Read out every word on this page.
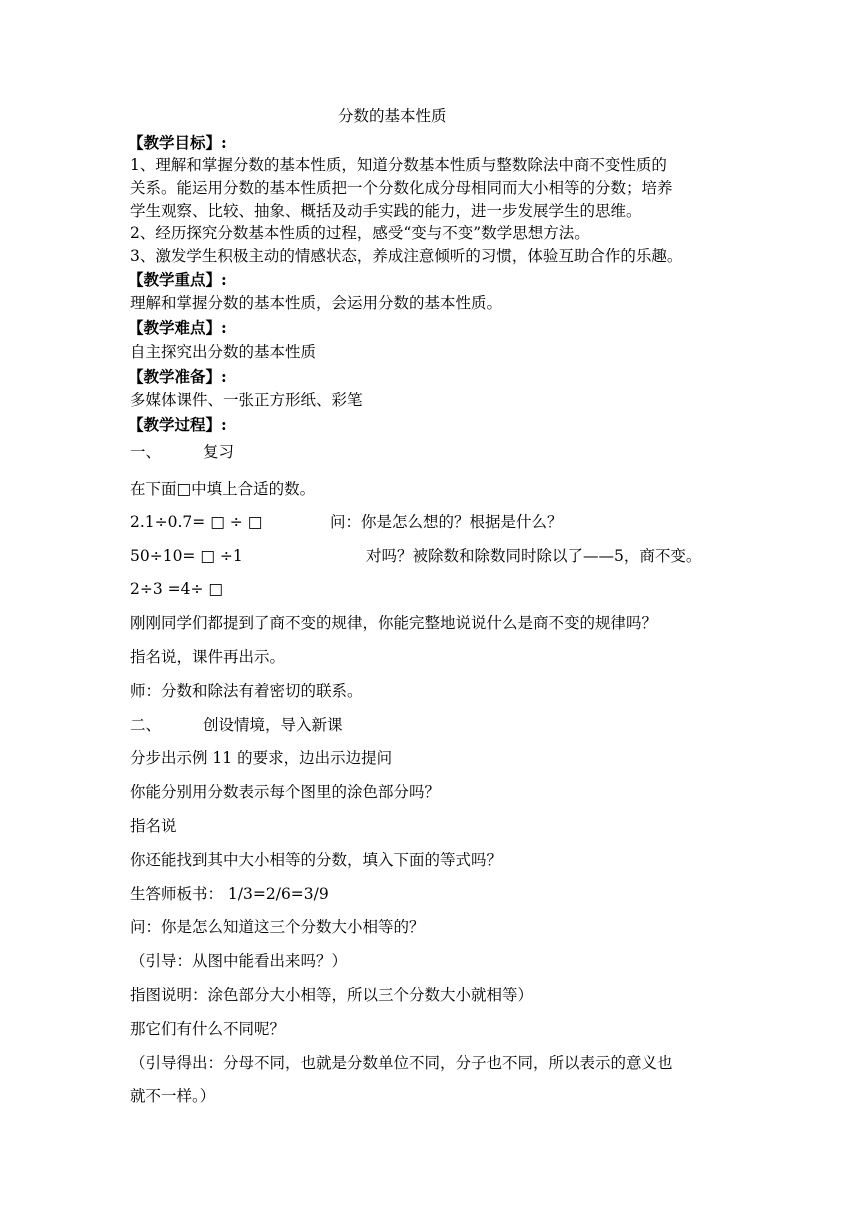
分数的基本性质
【教学目标】:
1、理解和掌握分数的基本性质，知道分数基本性质与整数除法中商不变性质的
关系。能运用分数的基本性质把一个分数化成分母相同而大小相等的分数；培养
学生观察、比较、抽象、概括及动手实践的能力，进一步发展学生的思维。
2、经历探究分数基本性质的过程，感受“变与不变”数学思想方法。
3、激发学生积极主动的情感状态，养成注意倾听的习惯，体验互助合作的乐趣。
【教学重点】:
理解和掌握分数的基本性质，会运用分数的基本性质。
【教学难点】:
自主探究出分数的基本性质
【教学准备】:
多媒体课件、一张正方形纸、彩笔
【教学过程】:
一、	复习
在下面□中填上合适的数。
2.1÷0.7= □ ÷ □	问：你是怎么想的？根据是什么？
50÷10= □ ÷1	对吗？被除数和除数同时除以了——5，商不变。
2÷3 =4÷ □
刚刚同学们都提到了商不变的规律，你能完整地说说什么是商不变的规律吗？
指名说，课件再出示。
师：分数和除法有着密切的联系。
二、	创设情境，导入新课
分步出示例 11 的要求，边出示边提问
你能分别用分数表示每个图里的涂色部分吗？
指名说
你还能找到其中大小相等的分数，填入下面的等式吗？
生答师板书： 1/3=2/6=3/9
问：你是怎么知道这三个分数大小相等的？
（引导：从图中能看出来吗？）
指图说明：涂色部分大小相等，所以三个分数大小就相等）
那它们有什么不同呢？
（引导得出：分母不同，也就是分数单位不同，分子也不同，所以表示的意义也
就不一样。）
